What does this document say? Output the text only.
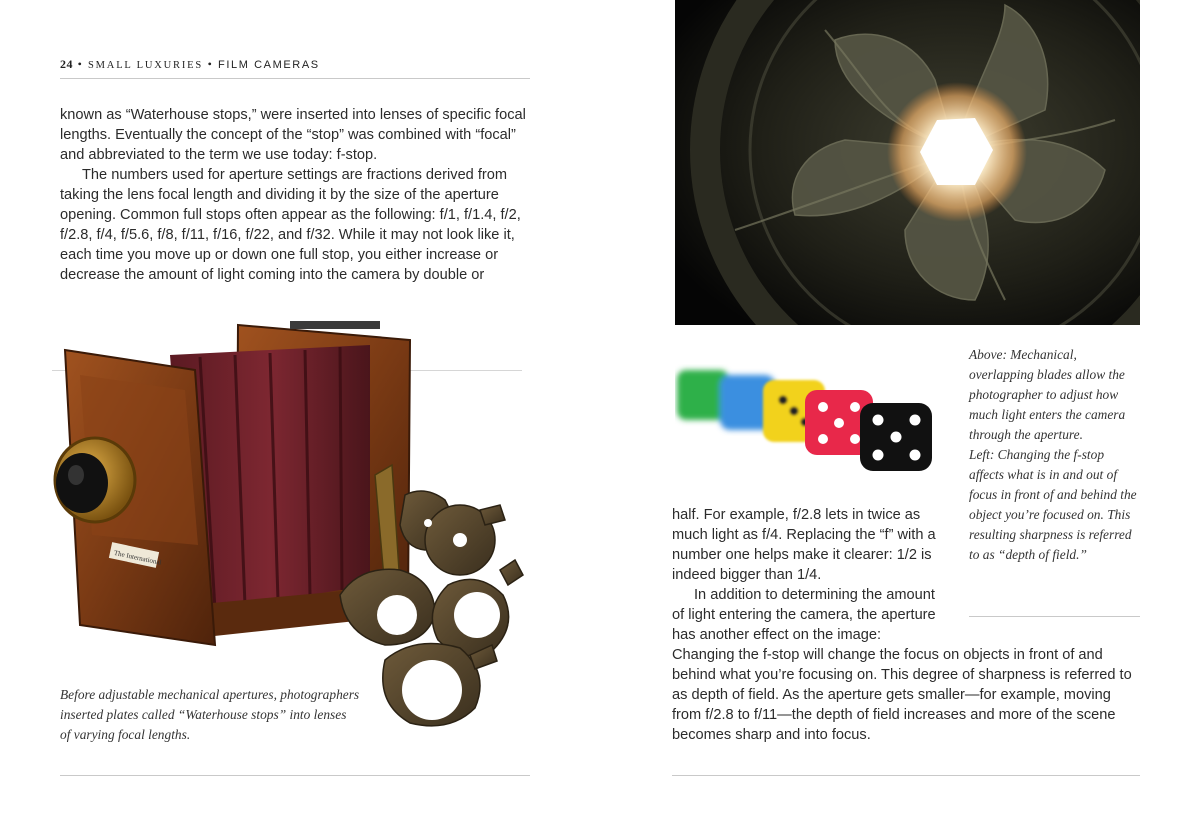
24 • SMALL LUXURIES • FILM CAMERAS

known as “Waterhouse stops,” were inserted into lenses of specific focal lengths. Eventually the concept of the “stop” was combined with “focal” and abbreviated to the term we use today: f-stop.

The numbers used for aperture settings are fractions derived from taking the lens focal length and dividing it by the size of the aperture opening. Common full stops often appear as the following: f/1, f/1.4, f/2, f/2.8, f/4, f/5.6, f/8, f/11, f/16, f/22, and f/32. While it may not look like it, each time you move up or down one full stop, you either increase or decrease the amount of light coming into the camera by double or

The International

Before adjustable mechanical apertures, photographers inserted plates called “Waterhouse stops” into lenses of varying focal lengths.

Above: Mechanical, overlapping blades allow the photographer to adjust how much light enters the camera through the aperture.

Left: Changing the f-stop affects what is in and out of focus in front of and behind the object you’re focused on. This resulting sharpness is referred to as “depth of field.”

half. For example, f/2.8 lets in twice as much light as f/4. Replacing the “f” with a number one helps make it clearer: 1/2 is indeed bigger than 1/4.

In addition to determining the amount of light entering the camera, the aperture has another effect on the image:

Changing the f-stop will change the focus on objects in front of and behind what you’re focusing on. This degree of sharpness is referred to as depth of field. As the aperture gets smaller—for example, moving from f/2.8 to f/11—the depth of field increases and more of the scene becomes sharp and into focus.
